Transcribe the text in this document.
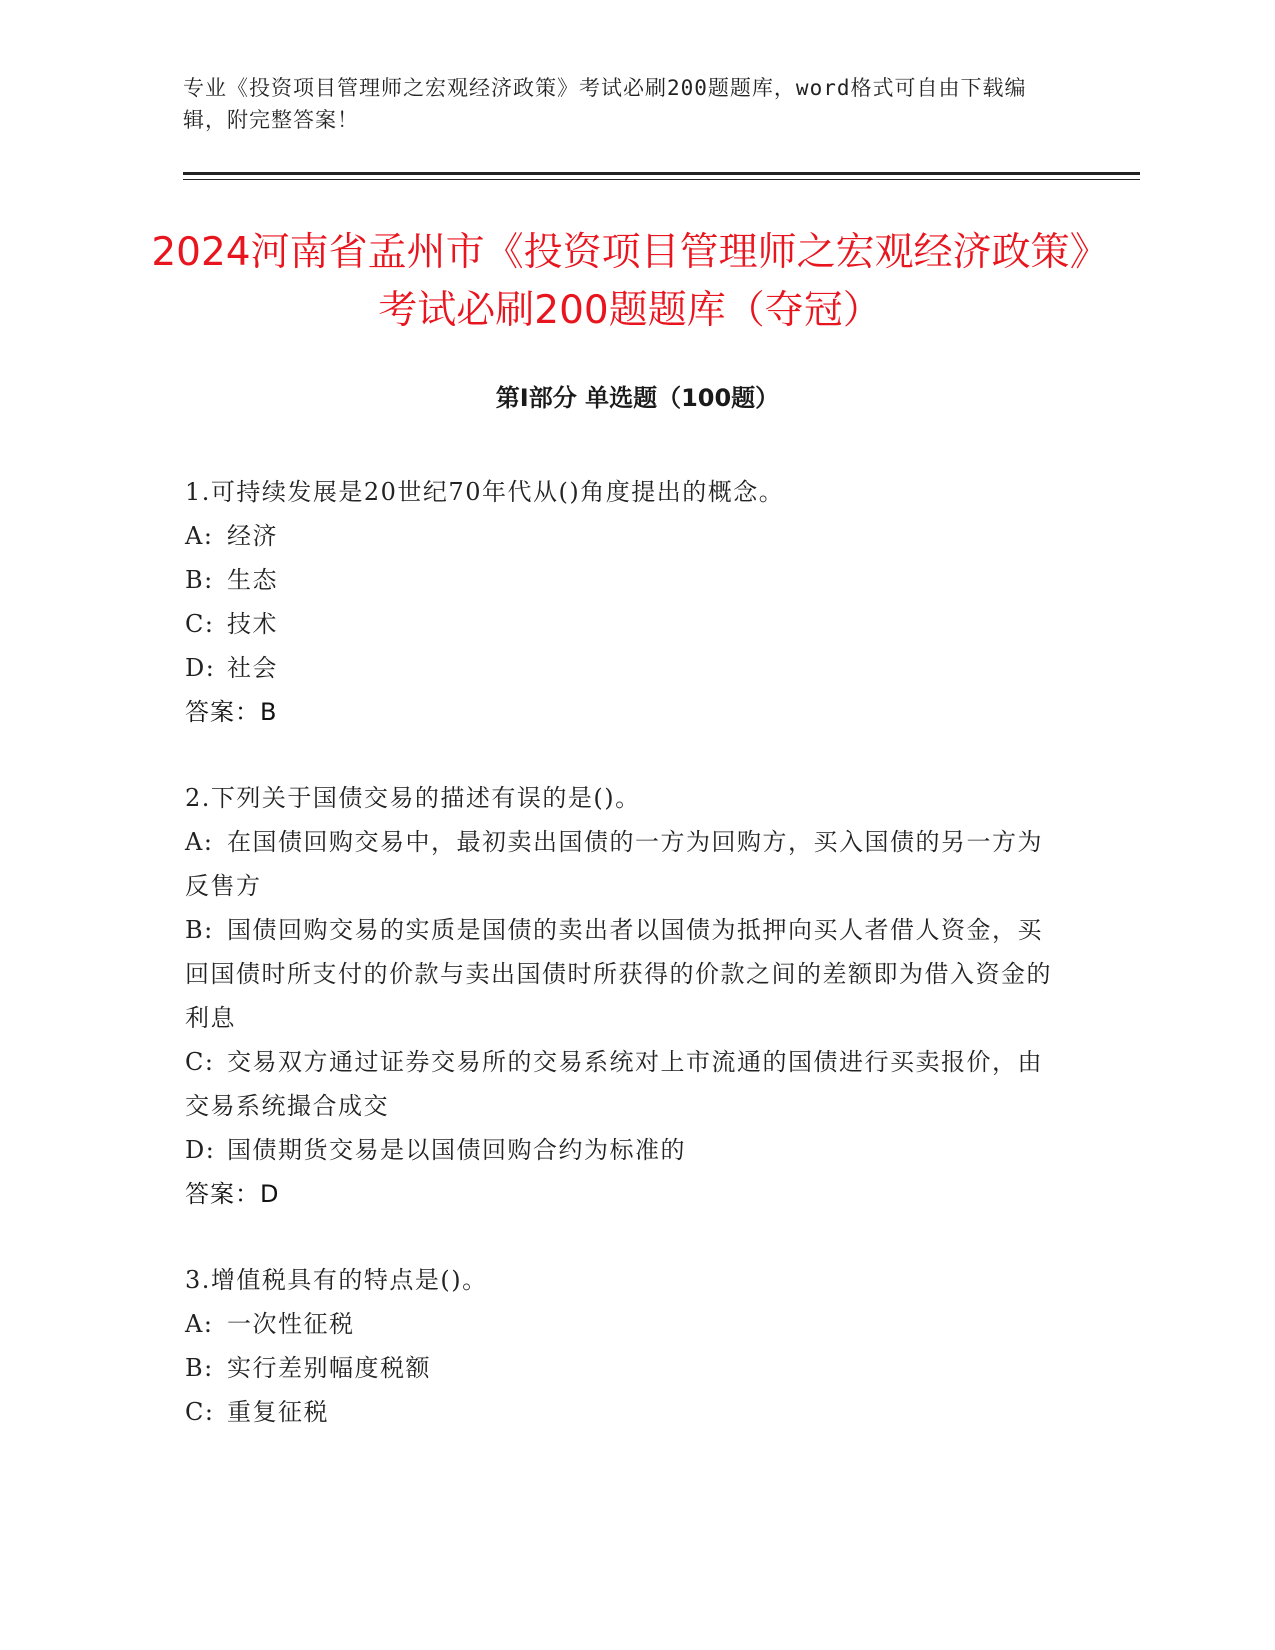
专业《投资项目管理师之宏观经济政策》考试必刷200题题库，word格式可自由下载编辑，附完整答案！
2024河南省孟州市《投资项目管理师之宏观经济政策》考试必刷200题题库（夺冠）
第I部分 单选题（100题）
1.可持续发展是20世纪70年代从()角度提出的概念。
A: 经济
B: 生态
C: 技术
D: 社会
答案：B
2.下列关于国债交易的描述有误的是()。
A: 在国债回购交易中，最初卖出国债的一方为回购方，买入国债的另一方为反售方
B: 国债回购交易的实质是国债的卖出者以国债为抵押向买人者借人资金，买回国债时所支付的价款与卖出国债时所获得的价款之间的差额即为借入资金的利息
C: 交易双方通过证券交易所的交易系统对上市流通的国债进行买卖报价，由交易系统撮合成交
D: 国债期货交易是以国债回购合约为标准的
答案：D
3.增值税具有的特点是()。
A: 一次性征税
B: 实行差别幅度税额
C: 重复征税
